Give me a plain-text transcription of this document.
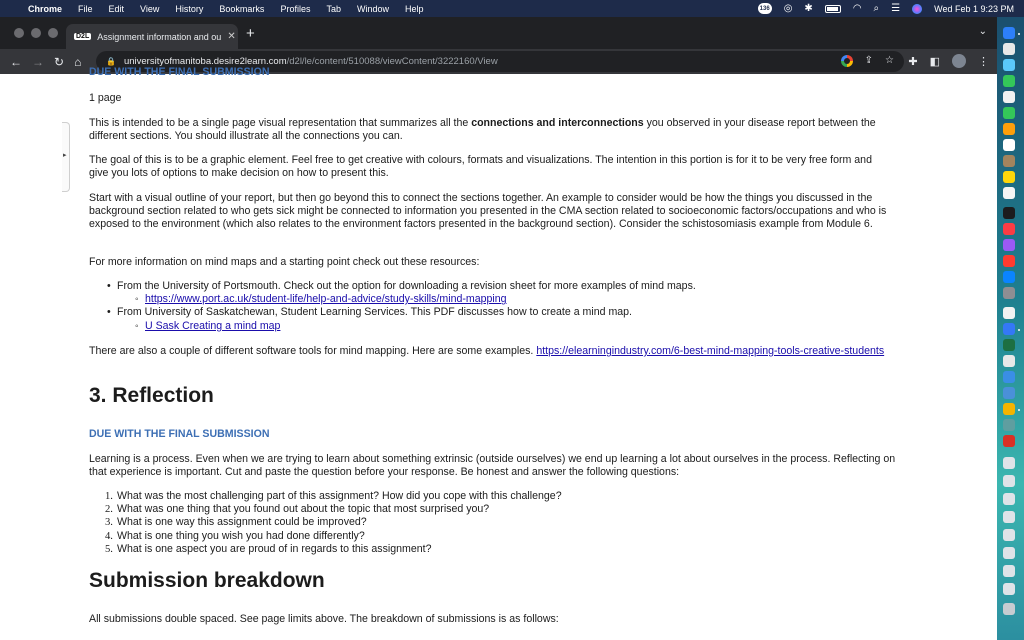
Chrome	File	Edit	View	History	Bookmarks	Profiles	Tab	Window	Help	136 ◎ ✱	◠ ⌕ ☰	Wed Feb 1 9:23 PM
D2L Assignment information and ou ✕ +	⌄
← → ↻ ⌂	🔒 universityofmanitoba.desire2learn.com /d2l/le/content/510088/viewContent/3222160/View	⇪ ☆ ✚ ◧	⋮
▸
DUE WITH THE FINAL SUBMISSION

1 page

This is intended to be a single page visual representation that summarizes all the connections and interconnections you observed in your disease report between the different sections. You should illustrate all the connections you can.

The goal of this is to be a graphic element. Feel free to get creative with colours, formats and visualizations. The intention in this portion is for it to be very free form and give you lots of options to make decision on how to present this.

Start with a visual outline of your report, but then go beyond this to connect the sections together. An example to consider would be how the things you discussed in the background section related to who gets sick might be connected to information you presented in the CMA section related to socioeconomic factors/occupations and who is exposed to the environment (which also relates to the environment factors presented in the background section). Consider the schistosomiasis example from Module 6.

For more information on mind maps and a starting point check out these resources:

• From the University of Portsmouth. Check out the option for downloading a revision sheet for more examples of mind maps.
◦ https://www.port.ac.uk/student-life/help-and-advice/study-skills/mind-mapping
• From University of Saskatchewan, Student Learning Services. This PDF discusses how to create a mind map.
◦ U Sask Creating a mind map

There are also a couple of different software tools for mind mapping. Here are some examples. https://elearningindustry.com/6-best-mind-mapping-tools-creative-students

3. Reflection
DUE WITH THE FINAL SUBMISSION

Learning is a process. Even when we are trying to learn about something extrinsic (outside ourselves) we end up learning a lot about ourselves in the process. Reflecting on that experience is important. Cut and paste the question before your response. Be honest and answer the following questions:

1. What was the most challenging part of this assignment? How did you cope with this challenge?
2. What was one thing that you found out about the topic that most surprised you?
3. What is one way this assignment could be improved?
4. What is one thing you wish you had done differently?
5. What is one aspect you are proud of in regards to this assignment?
Submission breakdown

All submissions double spaced. See page limits above. The breakdown of submissions is as follows:
